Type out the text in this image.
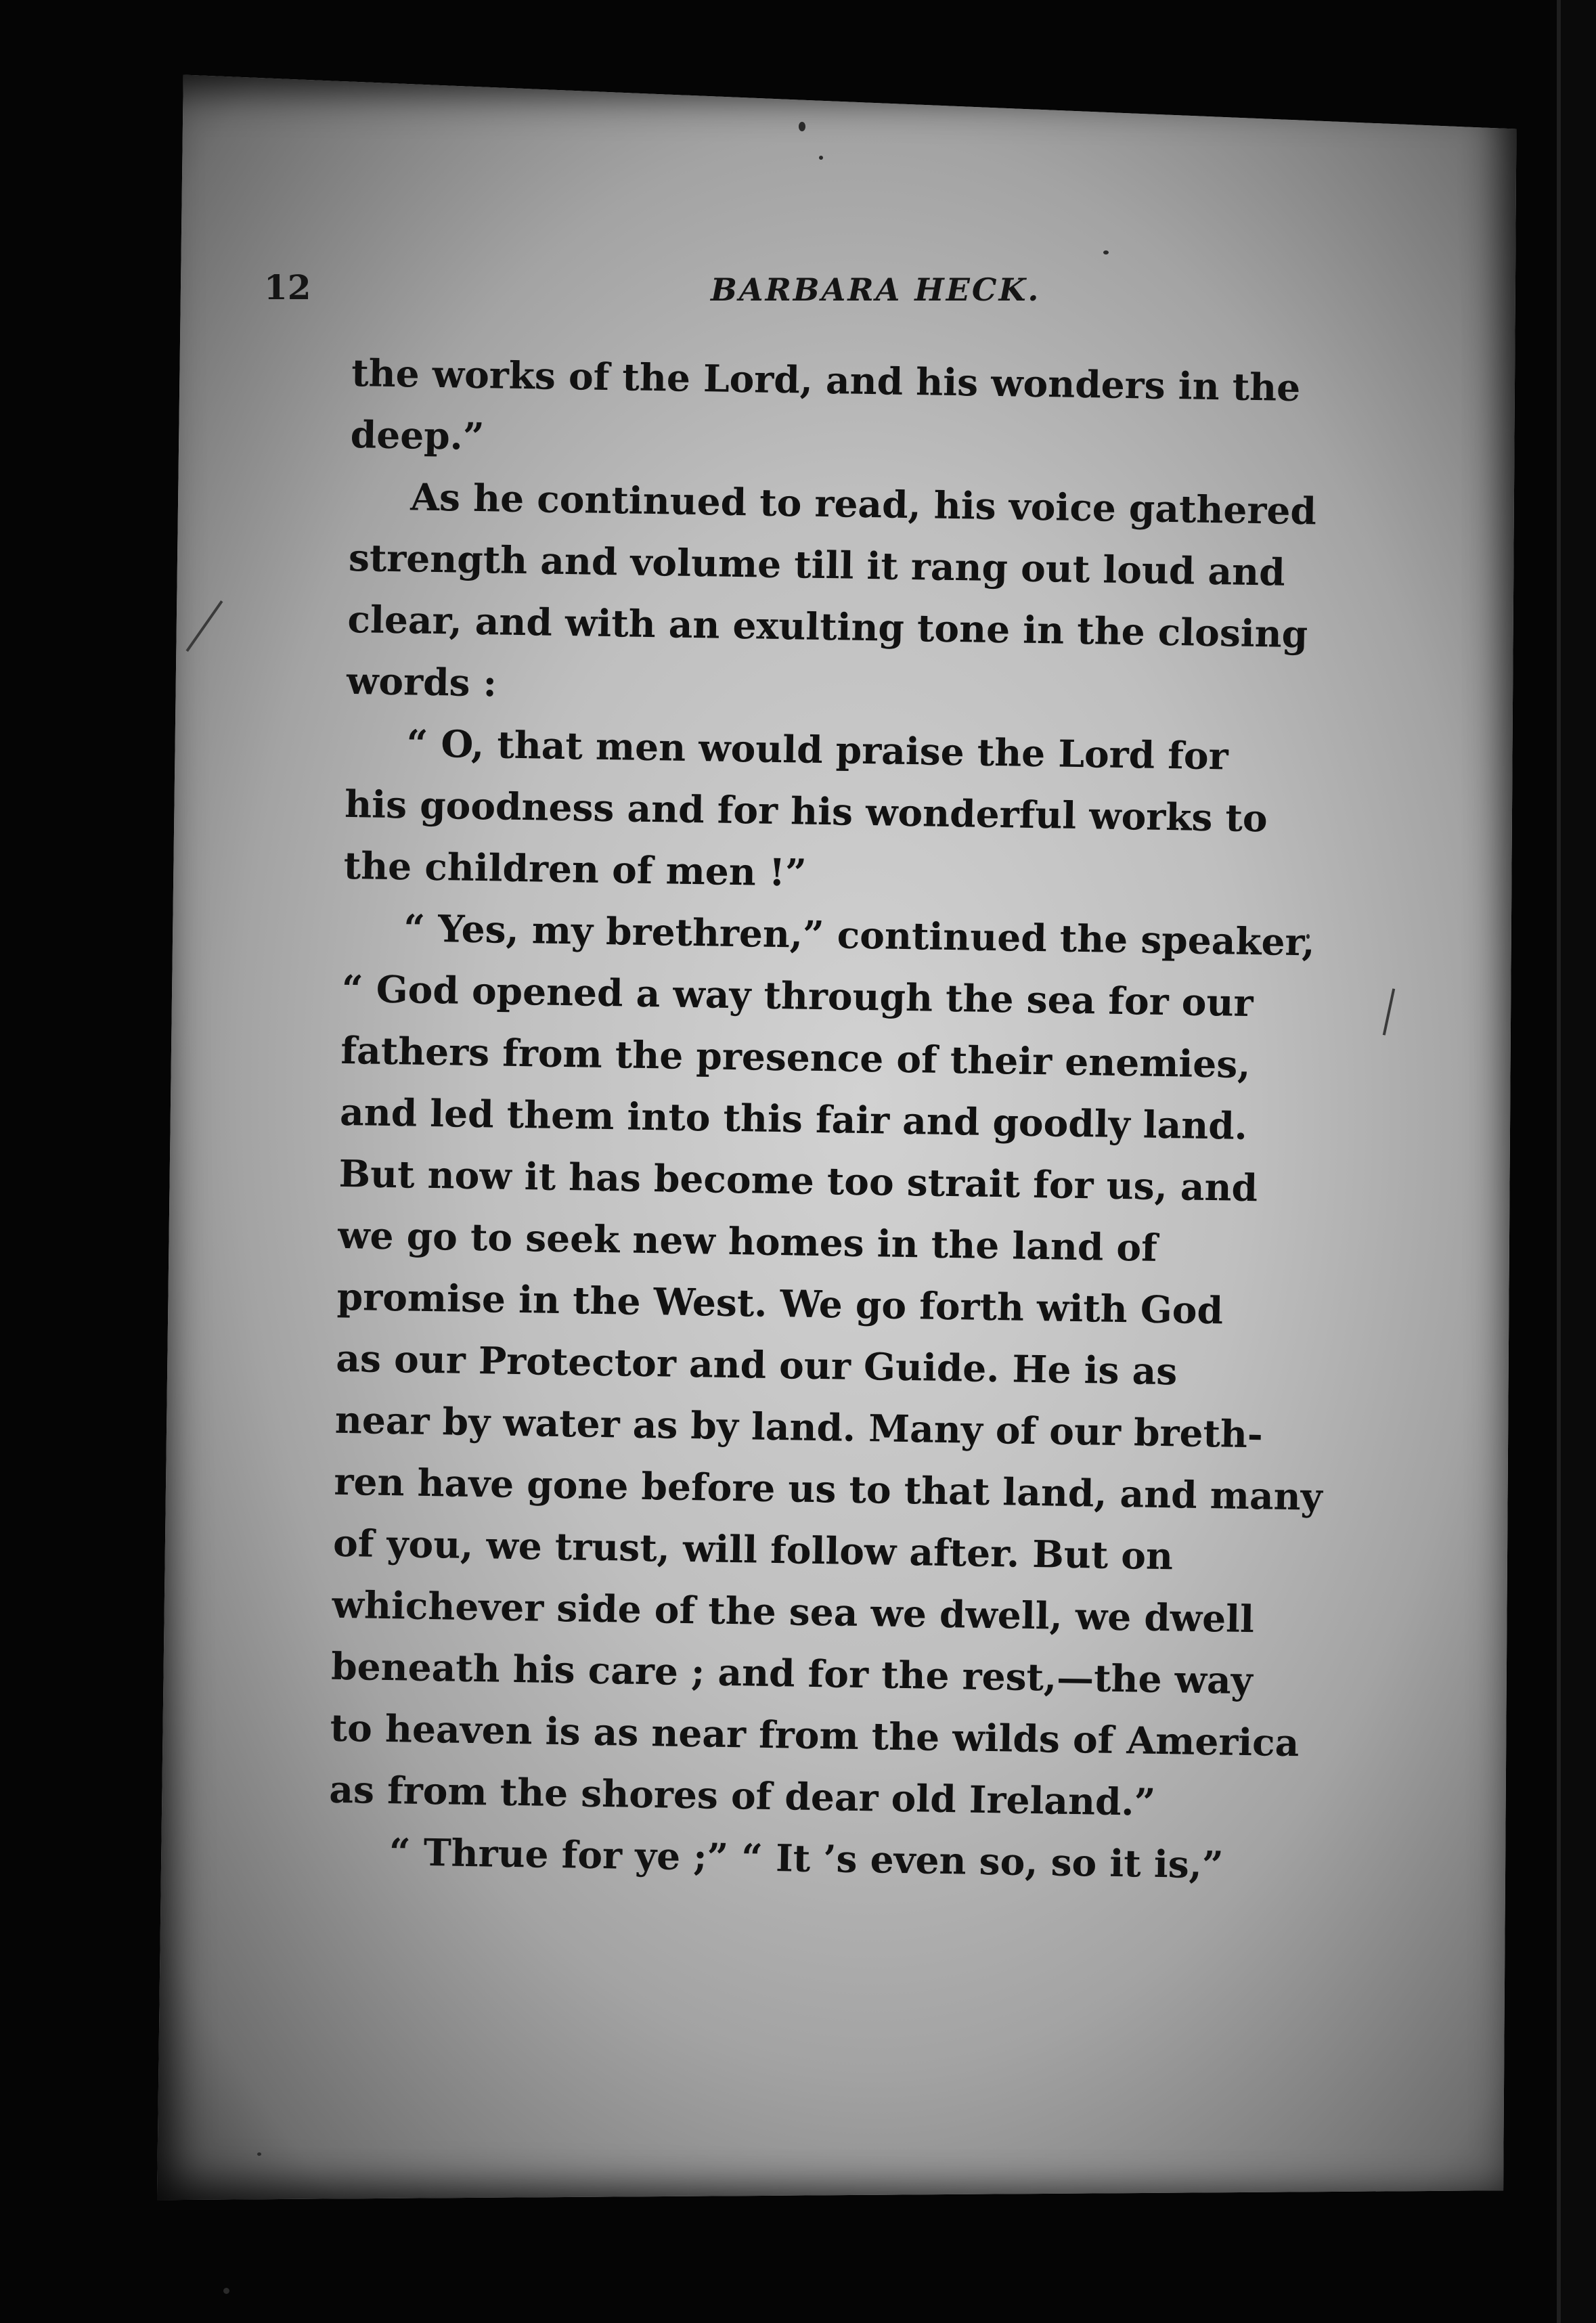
12	BARBARA HECK.
the works of the Lord, and his wonders in the
deep.”
As he continued to read, his voice gathered
strength and volume till it rang out loud and
clear, and with an exulting tone in the closing
words :
“ O, that men would praise the Lord for
his goodness and for his wonderful works to
the children of men !”
“ Yes, my brethren,” continued the speaker,
“ God opened a way through the sea for our
fathers from the presence of their enemies,
and led them into this fair and goodly land.
But now it has become too strait for us, and
we go to seek new homes in the land of
promise in the West. We go forth with God
as our Protector and our Guide. He is as
near by water as by land. Many of our breth-
ren have gone before us to that land, and many
of you, we trust, will follow after. But on
whichever side of the sea we dwell, we dwell
beneath his care ; and for the rest,—the way
to heaven is as near from the wilds of America
as from the shores of dear old Ireland.”
“ Thrue for ye ;” “ It ’s even so, so it is,”
